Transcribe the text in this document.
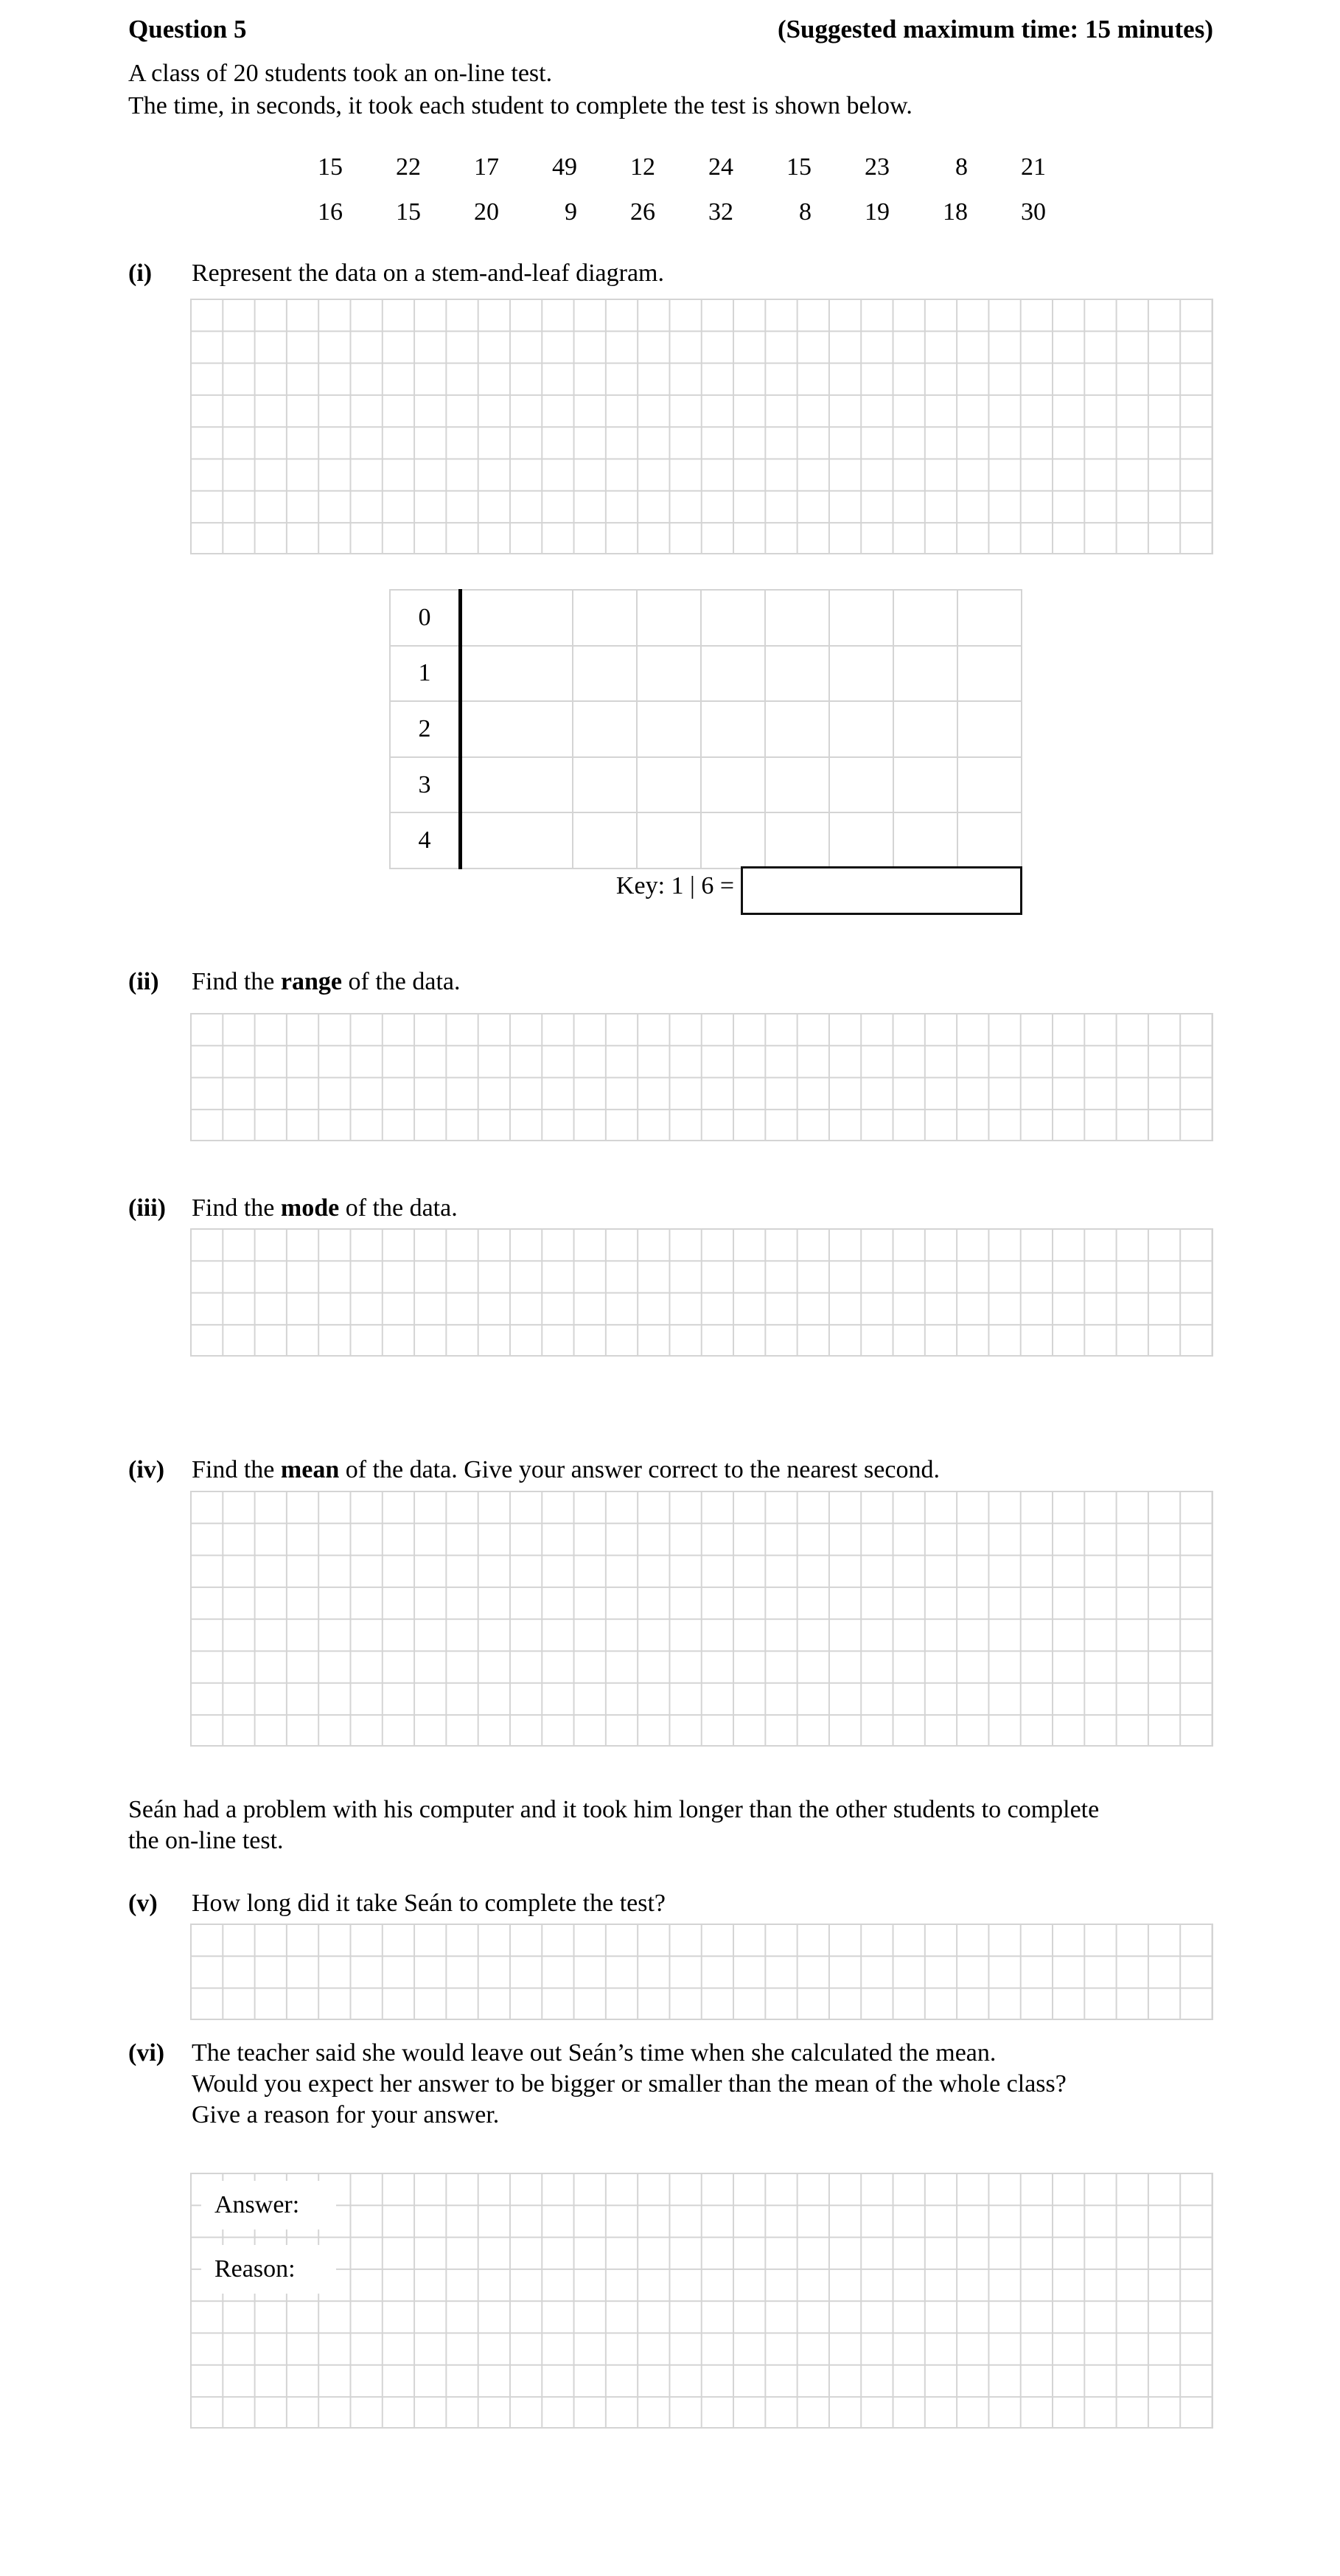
Question 5	(Suggested maximum time: 15 minutes)
A class of 20 students took an on-line test.
The time, in seconds, it took each student to complete the test is shown below.
15	22	17	49	12	24	15	23	8	21
16	15	20	9	26	32	8	19	18	30
(i) Represent the data on a stem-and-leaf diagram.
0								
1								
2								
3								
4								
Key: 1 | 6 =
(ii) Find the range of the data.
(iii) Find the mode of the data.
(iv) Find the mean of the data. Give your answer correct to the nearest second.
Seán had a problem with his computer and it took him longer than the other students to complete
the on-line test.
(v) How long did it take Seán to complete the test?
(vi) The teacher said she would leave out Seán’s time when she calculated the mean.
Would you expect her answer to be bigger or smaller than the mean of the whole class?
Give a reason for your answer.
Answer:
Reason:
